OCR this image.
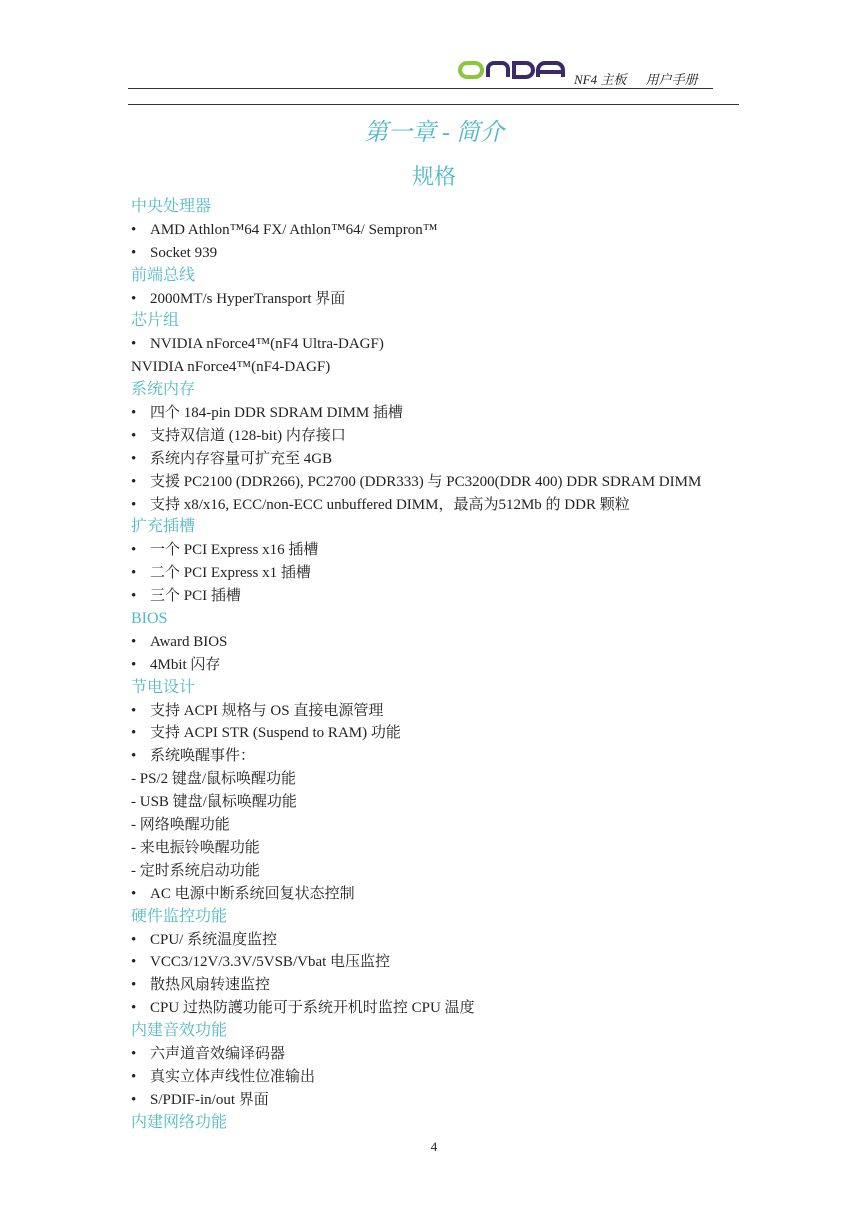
NF4 主板 用户手册
第一章 - 简介
规格
中央处理器
• AMD Athlon™64 FX/ Athlon™64/ Sempron™
• Socket 939
前端总线
• 2000MT/s HyperTransport 界面
芯片组
• NVIDIA nForce4™(nF4 Ultra-DAGF)
NVIDIA nForce4™(nF4-DAGF)
系统内存
• 四个 184-pin DDR SDRAM DIMM 插槽
• 支持双信道 (128-bit) 内存接口
• 系统内存容量可扩充至 4GB
• 支援 PC2100 (DDR266), PC2700 (DDR333) 与 PC3200(DDR 400) DDR SDRAM DIMM
• 支持 x8/x16, ECC/non-ECC unbuffered DIMM，最高为512Mb 的 DDR 颗粒
扩充插槽
• 一个 PCI Express x16 插槽
• 二个 PCI Express x1 插槽
• 三个 PCI 插槽
BIOS
• Award BIOS
• 4Mbit 闪存
节电设计
• 支持 ACPI 规格与 OS 直接电源管理
• 支持 ACPI STR (Suspend to RAM) 功能
• 系统唤醒事件：
- PS/2 键盘/鼠标唤醒功能
- USB 键盘/鼠标唤醒功能
- 网络唤醒功能
- 来电振铃唤醒功能
- 定时系统启动功能
• AC 电源中断系统回复状态控制
硬件监控功能
• CPU/ 系统温度监控
• VCC3/12V/3.3V/5VSB/Vbat 电压监控
• 散热风扇转速监控
• CPU 过热防護功能可于系统开机时监控 CPU 温度
内建音效功能
• 六声道音效编译码器
• 真实立体声线性位准输出
• S/PDIF-in/out 界面
内建网络功能
4
